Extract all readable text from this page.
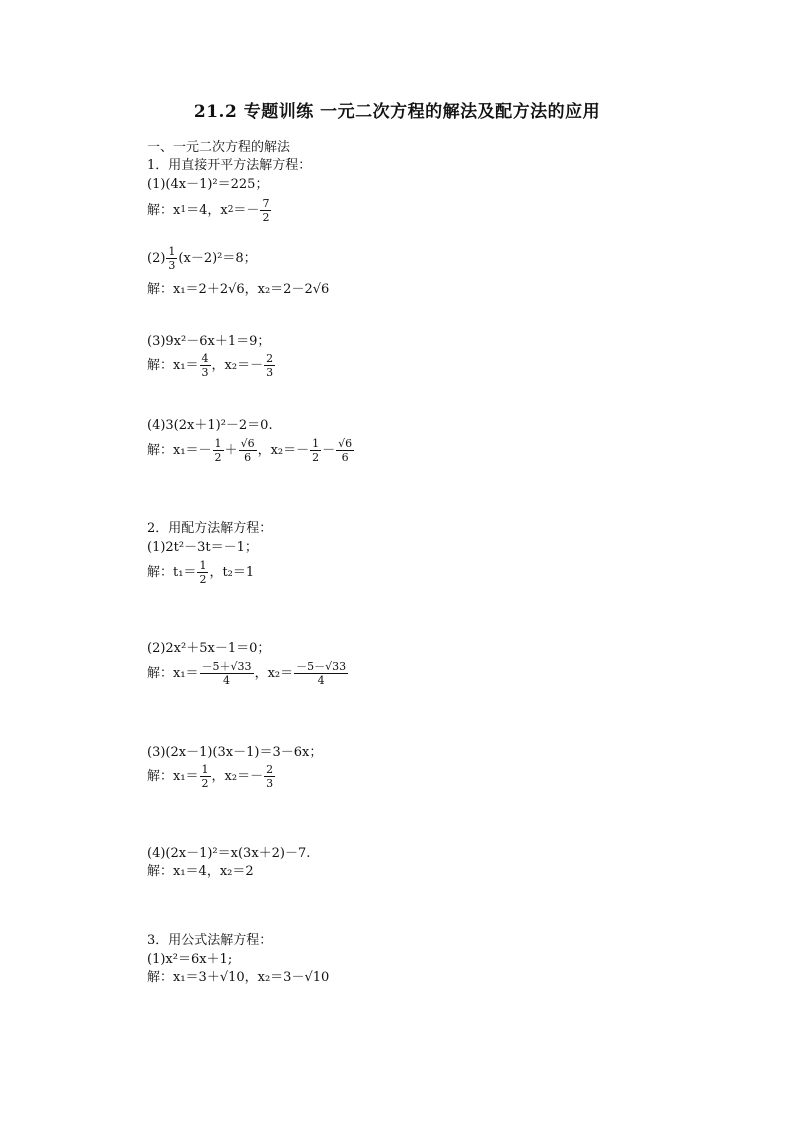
21.2 专题训练 一元二次方程的解法及配方法的应用
一、一元二次方程的解法
1．用直接开平方法解方程：
(1)(4x－1)²＝225；
解：x 1 ＝4，x $2 =- \frac{7}{2}$
$(2) \frac{1}{3} (x-2)^2=8$；
解：x₁＝2＋2√6，x₂＝2－2√6
(3)9x²－6x＋1＝9；
解：$x_1= \frac{4}{3}$ ，$x_2=- \frac{2}{3}$
(4)3(2x＋1)²－2＝0.
解：$x_1=- \frac{1}{2} + \frac{√6}{6}$ ，$x_2=- \frac{1}{2} - \frac{√6}{6}$
2．用配方法解方程：
(1)2t²－3t＝－1；
解：$t_1= \frac{1}{2}$ ，t₂＝1
(2)2x²＋5x－1＝0；
解：$x_1= \frac{-5+√33}{4}$ ，$x_2= \frac{-5-√33}{4}$
(3)(2x－1)(3x－1)＝3－6x；
解：$x_1= \frac{1}{2}$ ，$x_2=- \frac{2}{3}$
(4)(2x－1)²＝x(3x＋2)－7.
解：x₁＝4，x₂＝2
3．用公式法解方程：
(1)x²＝6x＋1;
解：x₁＝3＋√10，x₂＝3－√10
